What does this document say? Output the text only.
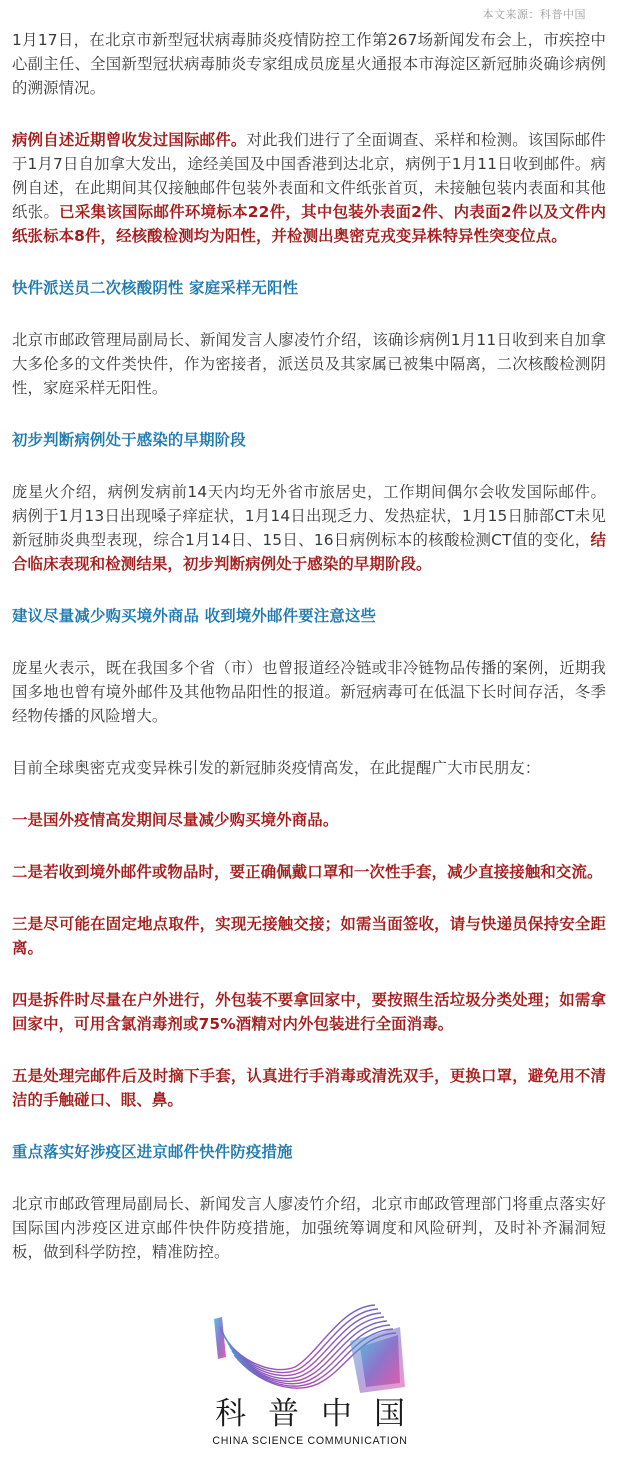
本文来源：科普中国

1月17日，在北京市新型冠状病毒肺炎疫情防控工作第267场新闻发布会上，市疾控中心副主任、全国新型冠状病毒肺炎专家组成员庞星火通报本市海淀区新冠肺炎确诊病例的溯源情况。

病例自述近期曾收发过国际邮件。对此我们进行了全面调查、采样和检测。该国际邮件于1月7日自加拿大发出，途经美国及中国香港到达北京，病例于1月11日收到邮件。病例自述，在此期间其仅接触邮件包装外表面和文件纸张首页，未接触包装内表面和其他纸张。已采集该国际邮件环境标本22件，其中包装外表面2件、内表面2件以及文件内纸张标本8件，经核酸检测均为阳性，并检测出奥密克戎变异株特异性突变位点。

快件派送员二次核酸阴性 家庭采样无阳性

北京市邮政管理局副局长、新闻发言人廖凌竹介绍，该确诊病例1月11日收到来自加拿大多伦多的文件类快件，作为密接者，派送员及其家属已被集中隔离，二次核酸检测阴性，家庭采样无阳性。

初步判断病例处于感染的早期阶段

庞星火介绍，病例发病前14天内均无外省市旅居史，工作期间偶尔会收发国际邮件。病例于1月13日出现嗓子痒症状，1月14日出现乏力、发热症状，1月15日肺部CT未见新冠肺炎典型表现，综合1月14日、15日、16日病例标本的核酸检测CT值的变化，结合临床表现和检测结果，初步判断病例处于感染的早期阶段。

建议尽量减少购买境外商品 收到境外邮件要注意这些

庞星火表示，既在我国多个省（市）也曾报道经冷链或非冷链物品传播的案例，近期我国多地也曾有境外邮件及其他物品阳性的报道。新冠病毒可在低温下长时间存活，冬季经物传播的风险增大。

目前全球奥密克戎变异株引发的新冠肺炎疫情高发，在此提醒广大市民朋友：

一是国外疫情高发期间尽量减少购买境外商品。

二是若收到境外邮件或物品时，要正确佩戴口罩和一次性手套，减少直接接触和交流。

三是尽可能在固定地点取件，实现无接触交接；如需当面签收，请与快递员保持安全距离。

四是拆件时尽量在户外进行，外包装不要拿回家中，要按照生活垃圾分类处理；如需拿回家中，可用含氯消毒剂或75%酒精对内外包装进行全面消毒。

五是处理完邮件后及时摘下手套，认真进行手消毒或清洗双手，更换口罩，避免用不清洁的手触碰口、眼、鼻。

重点落实好涉疫区进京邮件快件防疫措施

北京市邮政管理局副局长、新闻发言人廖凌竹介绍，北京市邮政管理部门将重点落实好国际国内涉疫区进京邮件快件防疫措施，加强统筹调度和风险研判，及时补齐漏洞短板，做到科学防控，精准防控。

科普中国
CHINA SCIENCE COMMUNICATION
